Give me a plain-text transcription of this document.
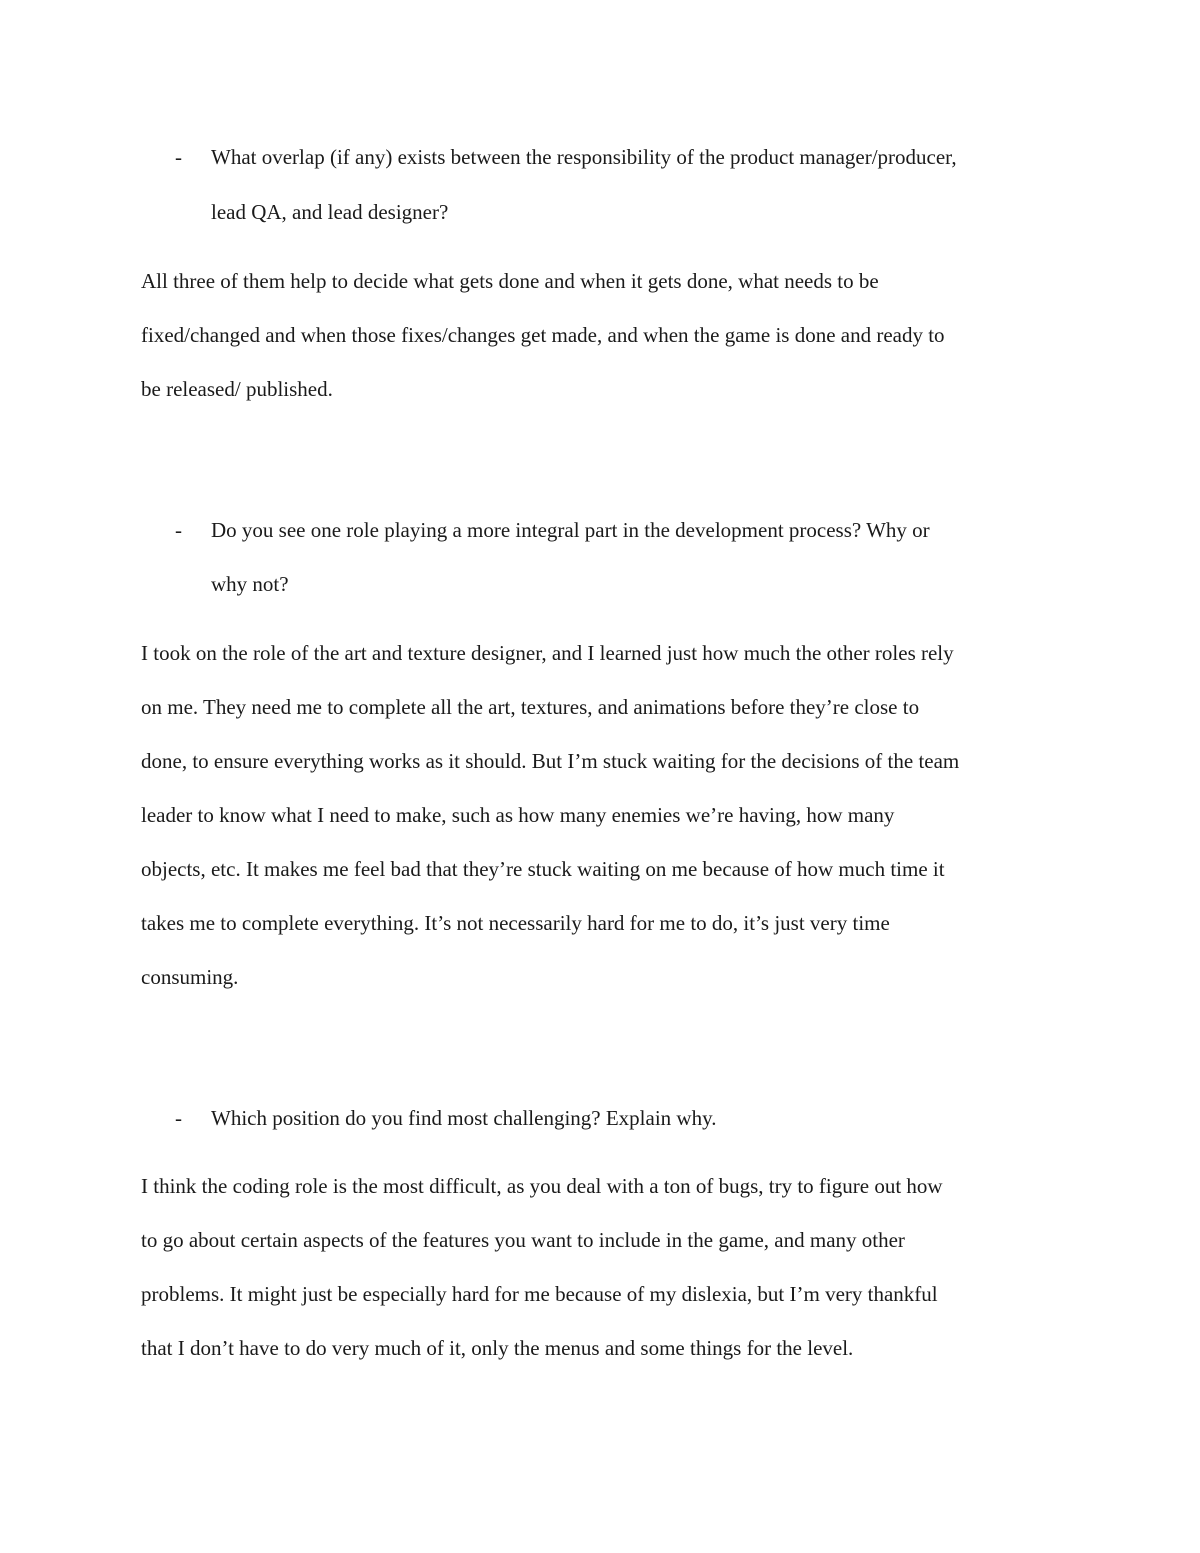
- What overlap (if any) exists between the responsibility of the product manager/producer,
lead QA, and lead designer?
All three of them help to decide what gets done and when it gets done, what needs to be
fixed/changed and when those fixes/changes get made, and when the game is done and ready to
be released/ published.
- Do you see one role playing a more integral part in the development process? Why or
why not?
I took on the role of the art and texture designer, and I learned just how much the other roles rely
on me. They need me to complete all the art, textures, and animations before they’re close to
done, to ensure everything works as it should. But I’m stuck waiting for the decisions of the team
leader to know what I need to make, such as how many enemies we’re having, how many
objects, etc. It makes me feel bad that they’re stuck waiting on me because of how much time it
takes me to complete everything. It’s not necessarily hard for me to do, it’s just very time
consuming.
- Which position do you find most challenging? Explain why.
I think the coding role is the most difficult, as you deal with a ton of bugs, try to figure out how
to go about certain aspects of the features you want to include in the game, and many other
problems. It might just be especially hard for me because of my dislexia, but I’m very thankful
that I don’t have to do very much of it, only the menus and some things for the level.
